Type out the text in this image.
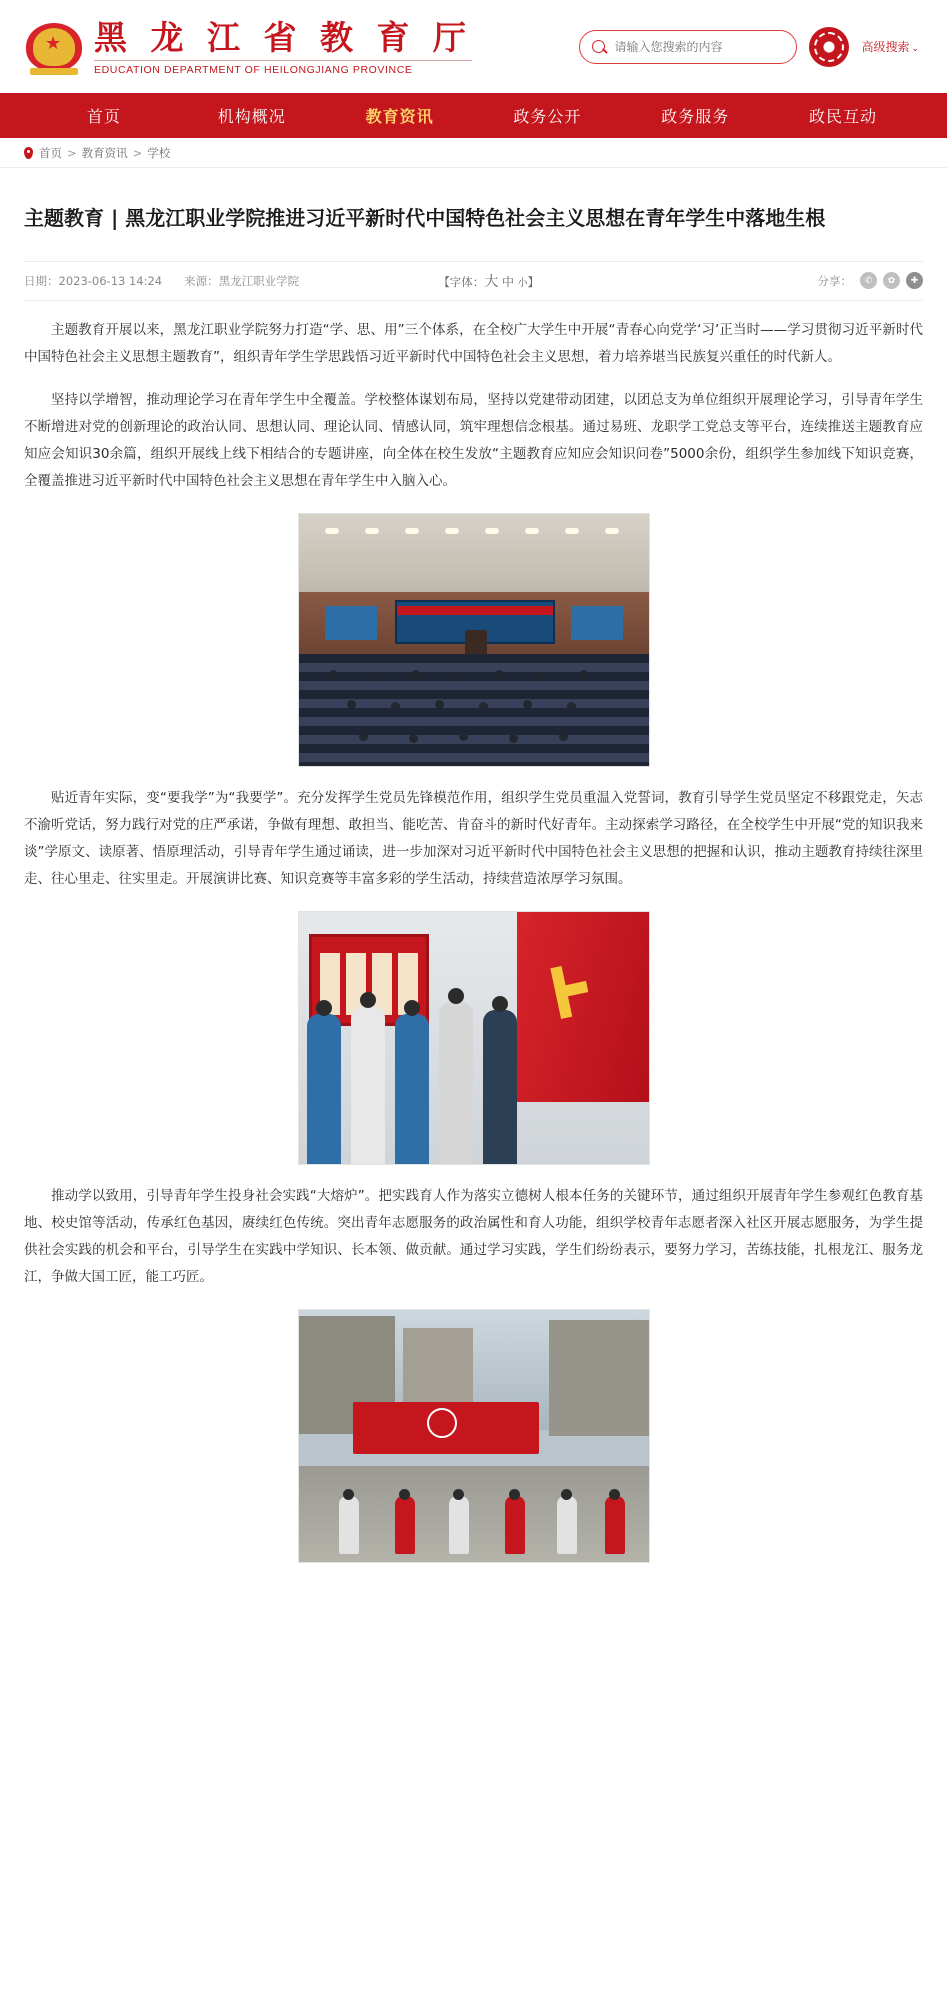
★ 黑 龙 江 省 教 育 厅
EDUCATION DEPARTMENT OF HEILONGJIANG PROVINCE
请输入您搜索的内容
高级搜索 ⌄
首页	机构概况	教育资讯	政务公开	政务服务	政民互动
首页 > 教育资讯 > 学校
主题教育 | 黑龙江职业学院推进习近平新时代中国特色社会主义思想在青年学生中落地生根
日期：2023-06-13 14:24 来源：黑龙江职业学院	【字体：大 中 小】	分享：	✆	✿	✚

主题教育开展以来，黑龙江职业学院努力打造“学、思、用”三个体系，在全校广大学生中开展“青春心向党学‘习’正当时——学习贯彻习近平新时代中国特色社会主义思想主题教育”，组织青年学生学思践悟习近平新时代中国特色社会主义思想，着力培养堪当民族复兴重任的时代新人。

坚持以学增智，推动理论学习在青年学生中全覆盖。学校整体谋划布局，坚持以党建带动团建，以团总支为单位组织开展理论学习，引导青年学生不断增进对党的创新理论的政治认同、思想认同、理论认同、情感认同，筑牢理想信念根基。通过易班、龙职学工党总支等平台，连续推送主题教育应知应会知识30余篇，组织开展线上线下相结合的专题讲座，向全体在校生发放“主题教育应知应会知识问卷”5000余份，组织学生参加线下知识竞赛，全覆盖推进习近平新时代中国特色社会主义思想在青年学生中入脑入心。

贴近青年实际，变“要我学”为“我要学”。充分发挥学生党员先锋模范作用，组织学生党员重温入党誓词，教育引导学生党员坚定不移跟党走，矢志不渝听党话，努力践行对党的庄严承诺，争做有理想、敢担当、能吃苦、肯奋斗的新时代好青年。主动探索学习路径，在全校学生中开展“党的知识我来谈”学原文、读原著、悟原理活动，引导青年学生通过诵读，进一步加深对习近平新时代中国特色社会主义思想的把握和认识，推动主题教育持续往深里走、往心里走、往实里走。开展演讲比赛、知识竞赛等丰富多彩的学生活动，持续营造浓厚学习氛围。

推动学以致用，引导青年学生投身社会实践“大熔炉”。把实践育人作为落实立德树人根本任务的关键环节，通过组织开展青年学生参观红色教育基地、校史馆等活动，传承红色基因，赓续红色传统。突出青年志愿服务的政治属性和育人功能，组织学校青年志愿者深入社区开展志愿服务，为学生提供社会实践的机会和平台，引导学生在实践中学知识、长本领、做贡献。通过学习实践，学生们纷纷表示，要努力学习，苦练技能，扎根龙江、服务龙江，争做大国工匠，能工巧匠。
